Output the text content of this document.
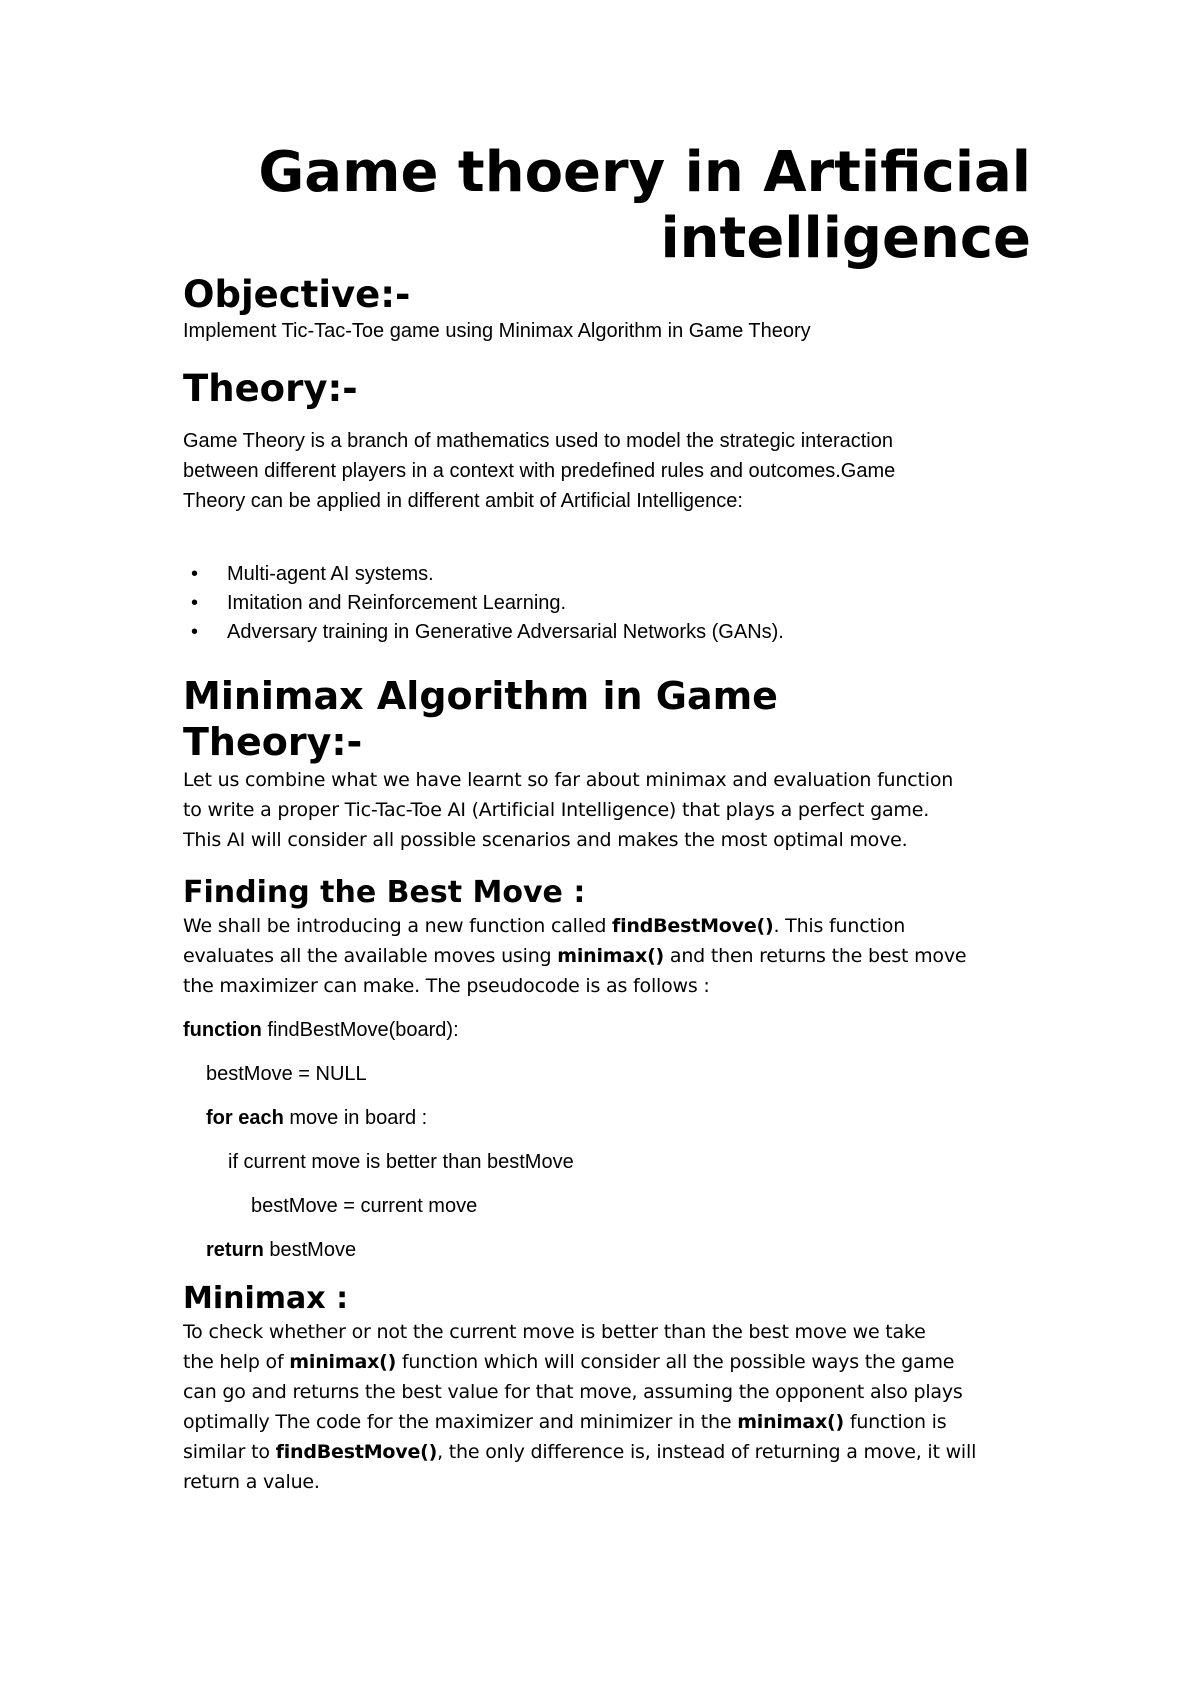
Game thoery in Artificial
intelligence
Objective:-

Implement Tic-Tac-Toe game using Minimax Algorithm in Game Theory

Theory:-

Game Theory is a branch of mathematics used to model the strategic interaction

between different players in a context with predefined rules and outcomes.Game

Theory can be applied in different ambit of Artificial Intelligence:

• Multi-agent AI systems.
• Imitation and Reinforcement Learning.
• Adversary training in Generative Adversarial Networks (GANs).
Minimax Algorithm in Game
Theory:-

Let us combine what we have learnt so far about minimax and evaluation function

to write a proper Tic-Tac-Toe AI (Artificial Intelligence) that plays a perfect game.

This AI will consider all possible scenarios and makes the most optimal move.

Finding the Best Move :

We shall be introducing a new function called findBestMove(). This function

evaluates all the available moves using minimax() and then returns the best move

the maximizer can make. The pseudocode is as follows :

function findBestMove(board):

bestMove = NULL

for each move in board :

if current move is better than bestMove

bestMove = current move

return bestMove

Minimax :

To check whether or not the current move is better than the best move we take

the help of minimax() function which will consider all the possible ways the game

can go and returns the best value for that move, assuming the opponent also plays

optimally The code for the maximizer and minimizer in the minimax() function is

similar to findBestMove(), the only difference is, instead of returning a move, it will

return a value.
